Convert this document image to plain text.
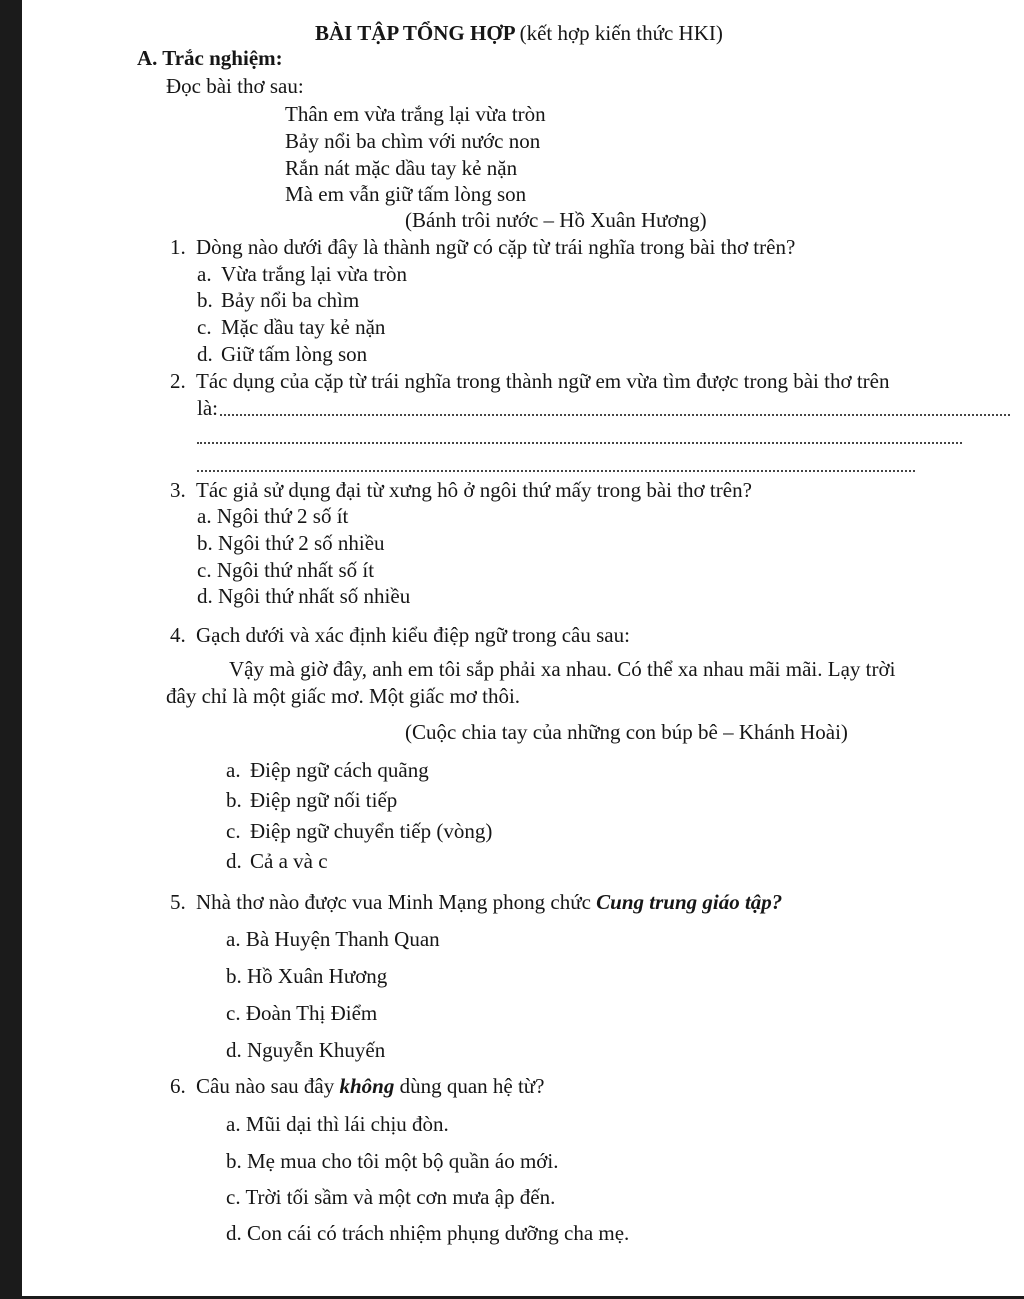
BÀI TẬP TỔNG HỢP (kết hợp kiến thức HKI)
A. Trắc nghiệm:
Đọc bài thơ sau:
Thân em vừa trắng lại vừa tròn
Bảy nổi ba chìm với nước non
Rắn nát mặc dầu tay kẻ nặn
Mà em vẫn giữ tấm lòng son
(Bánh trôi nước – Hồ Xuân Hương)
1. Dòng nào dưới đây là thành ngữ có cặp từ trái nghĩa trong bài thơ trên?
a. Vừa trắng lại vừa tròn
b. Bảy nổi ba chìm
c. Mặc dầu tay kẻ nặn
d. Giữ tấm lòng son
2. Tác dụng của cặp từ trái nghĩa trong thành ngữ em vừa tìm được trong bài thơ trên
là:
3. Tác giả sử dụng đại từ xưng hô ở ngôi thứ mấy trong bài thơ trên?
a. Ngôi thứ 2 số ít
b. Ngôi thứ 2 số nhiều
c. Ngôi thứ nhất số ít
d. Ngôi thứ nhất số nhiều
4. Gạch dưới và xác định kiểu điệp ngữ trong câu sau:
Vậy mà giờ đây, anh em tôi sắp phải xa nhau. Có thể xa nhau mãi mãi. Lạy trời
đây chỉ là một giấc mơ. Một giấc mơ thôi.
(Cuộc chia tay của những con búp bê – Khánh Hoài)
a. Điệp ngữ cách quãng
b. Điệp ngữ nối tiếp
c. Điệp ngữ chuyển tiếp (vòng)
d. Cả a và c
5. Nhà thơ nào được vua Minh Mạng phong chức Cung trung giáo tập?
a. Bà Huyện Thanh Quan
b. Hồ Xuân Hương
c. Đoàn Thị Điểm
d. Nguyễn Khuyến
6. Câu nào sau đây không dùng quan hệ từ?
a. Mũi dại thì lái chịu đòn.
b. Mẹ mua cho tôi một bộ quần áo mới.
c. Trời tối sầm và một cơn mưa ập đến.
d. Con cái có trách nhiệm phụng dưỡng cha mẹ.
